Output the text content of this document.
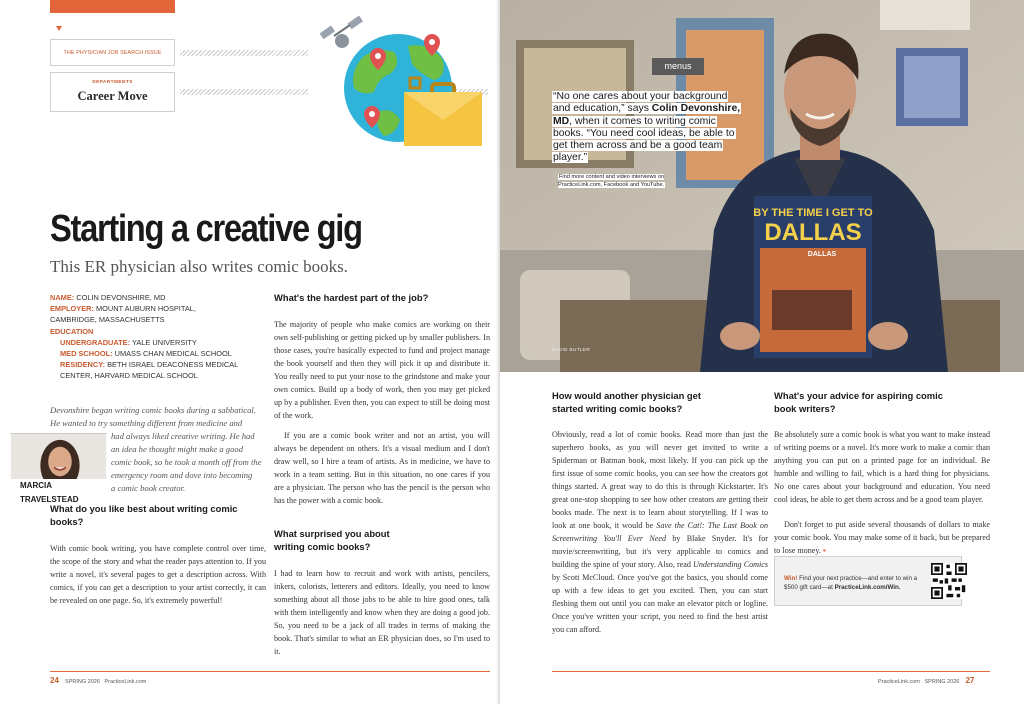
THE PHYSICIAN JOB SEARCH ISSUE
DEPARTMENTS
Career Move
Starting a creative gig
This ER physician also writes comic books.
NAME: COLIN DEVONSHIRE, MD
EMPLOYER: MOUNT AUBURN HOSPITAL,
CAMBRIDGE, MASSACHUSETTS
EDUCATION
UNDERGRADUATE: YALE UNIVERSITY
MED SCHOOL: UMASS CHAN MEDICAL SCHOOL
RESIDENCY: BETH ISRAEL DEACONESS MEDICAL
CENTER, HARVARD MEDICAL SCHOOL
Devonshire began writing comic books during a sabbatical.
He wanted to try something different from medicine and
had always liked creative writing. He had
an idea he thought might make a good
comic book, so he took a month off from the
emergency room and dove into becoming
a comic book creator.
MARCIA TRAVELSTEAD
What do you like best about writing comic books?
With comic book writing, you have complete control over time, the scope of the story and what the reader pays attention to. If you write a novel, it's several pages to get a description across. With comics, if you can get a description to your artist correctly, it can be revealed on one page. So, it's extremely powerful!
What's the hardest part of the job?
The majority of people who make comics are working on their own self-publishing or getting picked up by smaller publishers. In those cases, you're basically expected to fund and project manage the book yourself and then they will pick it up and distribute it. You really need to put your nose to the grindstone and make your own comics. Build up a body of work, then you may get picked up by a publisher. Even then, you can expect to still be doing most of the work.
If you are a comic book writer and not an artist, you will always be dependent on others. It's a visual medium and I don't draw well, so I hire a team of artists. As in medicine, we have to work in a team setting. But in this situation, no one cares if you are a physician. The person who has the pencil is the person who has the power with a comic book.
What surprised you about writing comic books?
I had to learn how to recruit and work with artists, pencilers, inkers, colorists, letterers and editors. Ideally, you need to know something about all those jobs to be able to hire good ones, talk with them intelligently and know when they are doing a good job. So, you need to be a jack of all trades in terms of making the book. That's similar to what an ER physician does, so I'm used to it.
24 SPRING 2026 PracticeLink.com
BY THE TIME I GET TO
DALLAS
DALLAS
menus
“No one cares about your background and education,” says Colin Devonshire, MD, when it comes to writing comic books. “You need cool ideas, be able to get them across and be a good team player.”
Find more content and video interviews on PracticeLink.com, Facebook and YouTube.
DAVID BUTLER
How would another physician get started writing comic books?
Obviously, read a lot of comic books. Read more than just the superhero books, as you will never get invited to write a Spiderman or Batman book, most likely. If you can pick up the first issue of some comic books, you can see how the creators got things started. A great way to do this is through Kickstarter. It's great one-stop shopping to see how other creators are getting their books made. The next is to learn about storytelling. If I was to look at one book, it would be Save the Cat!: The Last Book on Screenwriting You'll Ever Need by Blake Snyder. It's for movie/screenwriting, but it's very applicable to comics and building the spine of your story. Also, read Understanding Comics by Scott McCloud. Once you've got the basics, you should come up with a few ideas to get you excited. Then, you can start fleshing them out until you can make an elevator pitch or logline. Once you've written your script, you need to find the best artist you can afford.
What's your advice for aspiring comic book writers?
Be absolutely sure a comic book is what you want to make instead of writing poems or a novel. It's more work to make a comic than anything you can put on a printed page for an individual. Be humble and willing to fail, which is a hard thing for physicians. No one cares about your background and education. You need cool ideas, be able to get them across and be a good team player.
Don't forget to put aside several thousands of dollars to make your comic book. You may make some of it back, but be prepared to lose money. ▪
Win! Find your next practice—and enter to win a $500 gift card—at PracticeLink.com/Win.
PracticeLink.com SPRING 2026 27
